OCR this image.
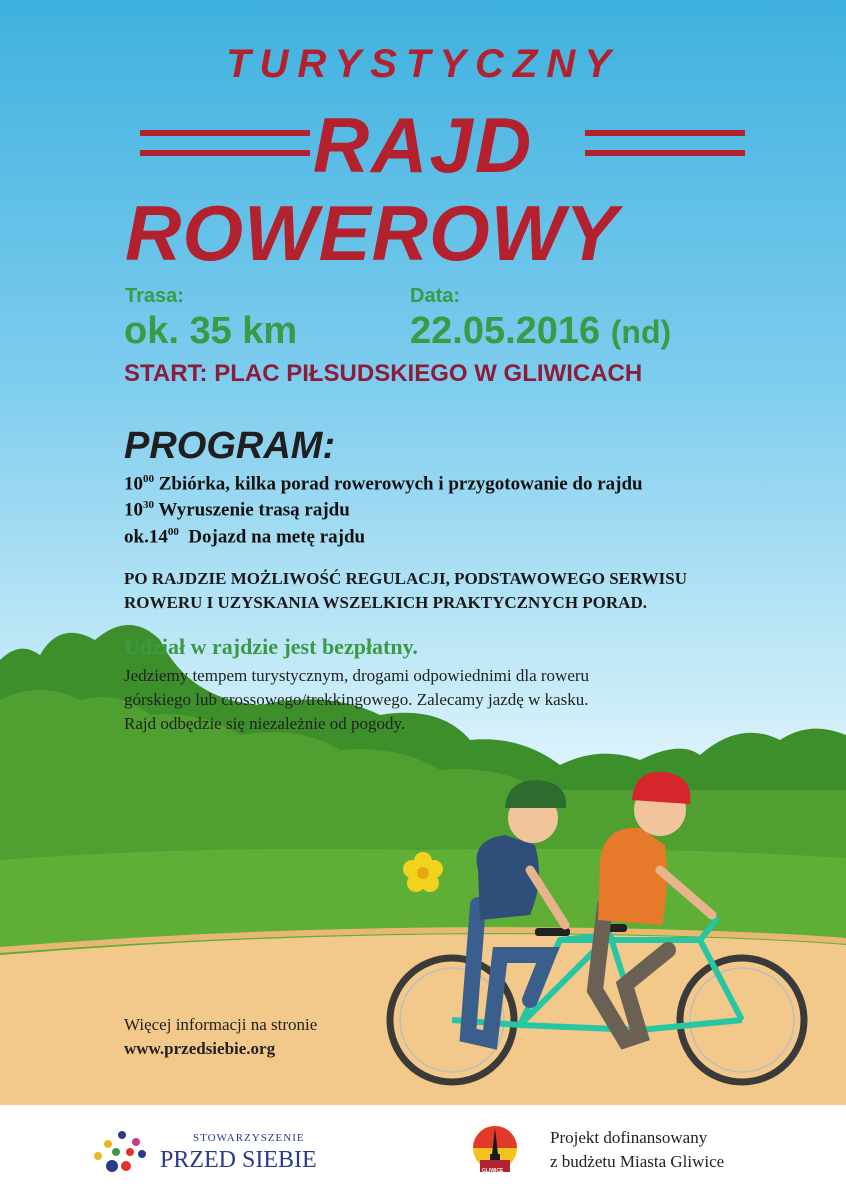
TURYSTYCZNY

RAJD

ROWEROWY

Trasa:	Data:
ok. 35 km	22.05.2016 (nd)
START: PLAC PIŁSUDSKIEGO W GLIWICACH
PROGRAM:
$10^{00}$ Zbiórka, kilka porad rowerowych i przygotowanie do rajdu
$10^{30}$ Wyruszenie trasą rajdu
$ok.14^{00}$  Dojazd na metę rajdu
PO RAJDZIE MOŻLIWOŚĆ REGULACJI, PODSTAWOWEGO SERWISU
ROWERU I UZYSKANIA WSZELKICH PRAKTYCZNYCH PORAD.
Udział w rajdzie jest bezpłatny.
Jedziemy tempem turystycznym, drogami odpowiednimi dla roweru
górskiego lub crossowego/trekkingowego. Zalecamy jazdę w kasku.
Rajd odbędzie się niezależnie od pogody.
Więcej informacji na stronie
www.przedsiebie.org
STOWARZYSZENIE
PRZED SIEBIE	GLIWICE
Projekt dofinansowany
z budżetu Miasta Gliwice
